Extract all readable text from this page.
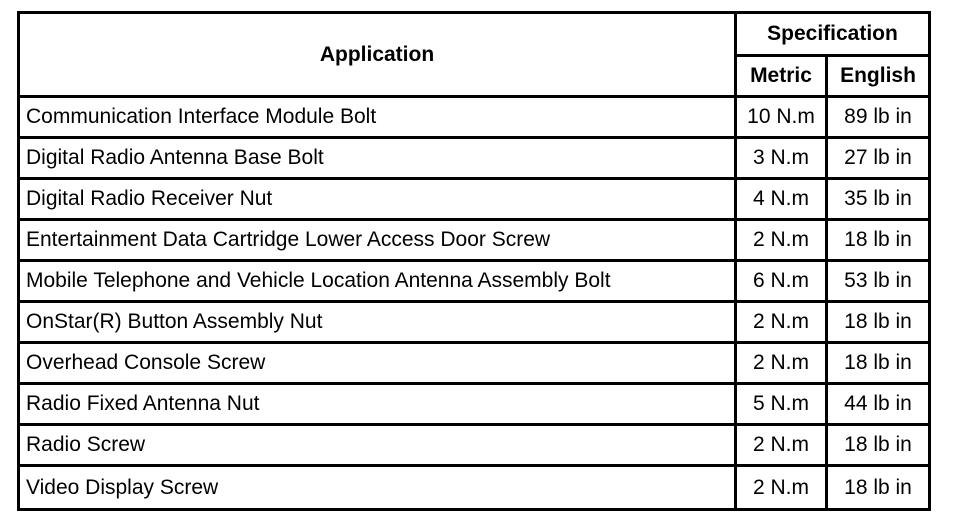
Application	Specification	
	Metric	English
Communication Interface Module Bolt	10 N.m	89 lb in
Digital Radio Antenna Base Bolt	3 N.m	27 lb in
Digital Radio Receiver Nut	4 N.m	35 lb in
Entertainment Data Cartridge Lower Access Door Screw	2 N.m	18 lb in
Mobile Telephone and Vehicle Location Antenna Assembly Bolt	6 N.m	53 lb in
OnStar(R) Button Assembly Nut	2 N.m	18 lb in
Overhead Console Screw	2 N.m	18 lb in
Radio Fixed Antenna Nut	5 N.m	44 lb in
Radio Screw	2 N.m	18 lb in
Video Display Screw	2 N.m	18 lb in
